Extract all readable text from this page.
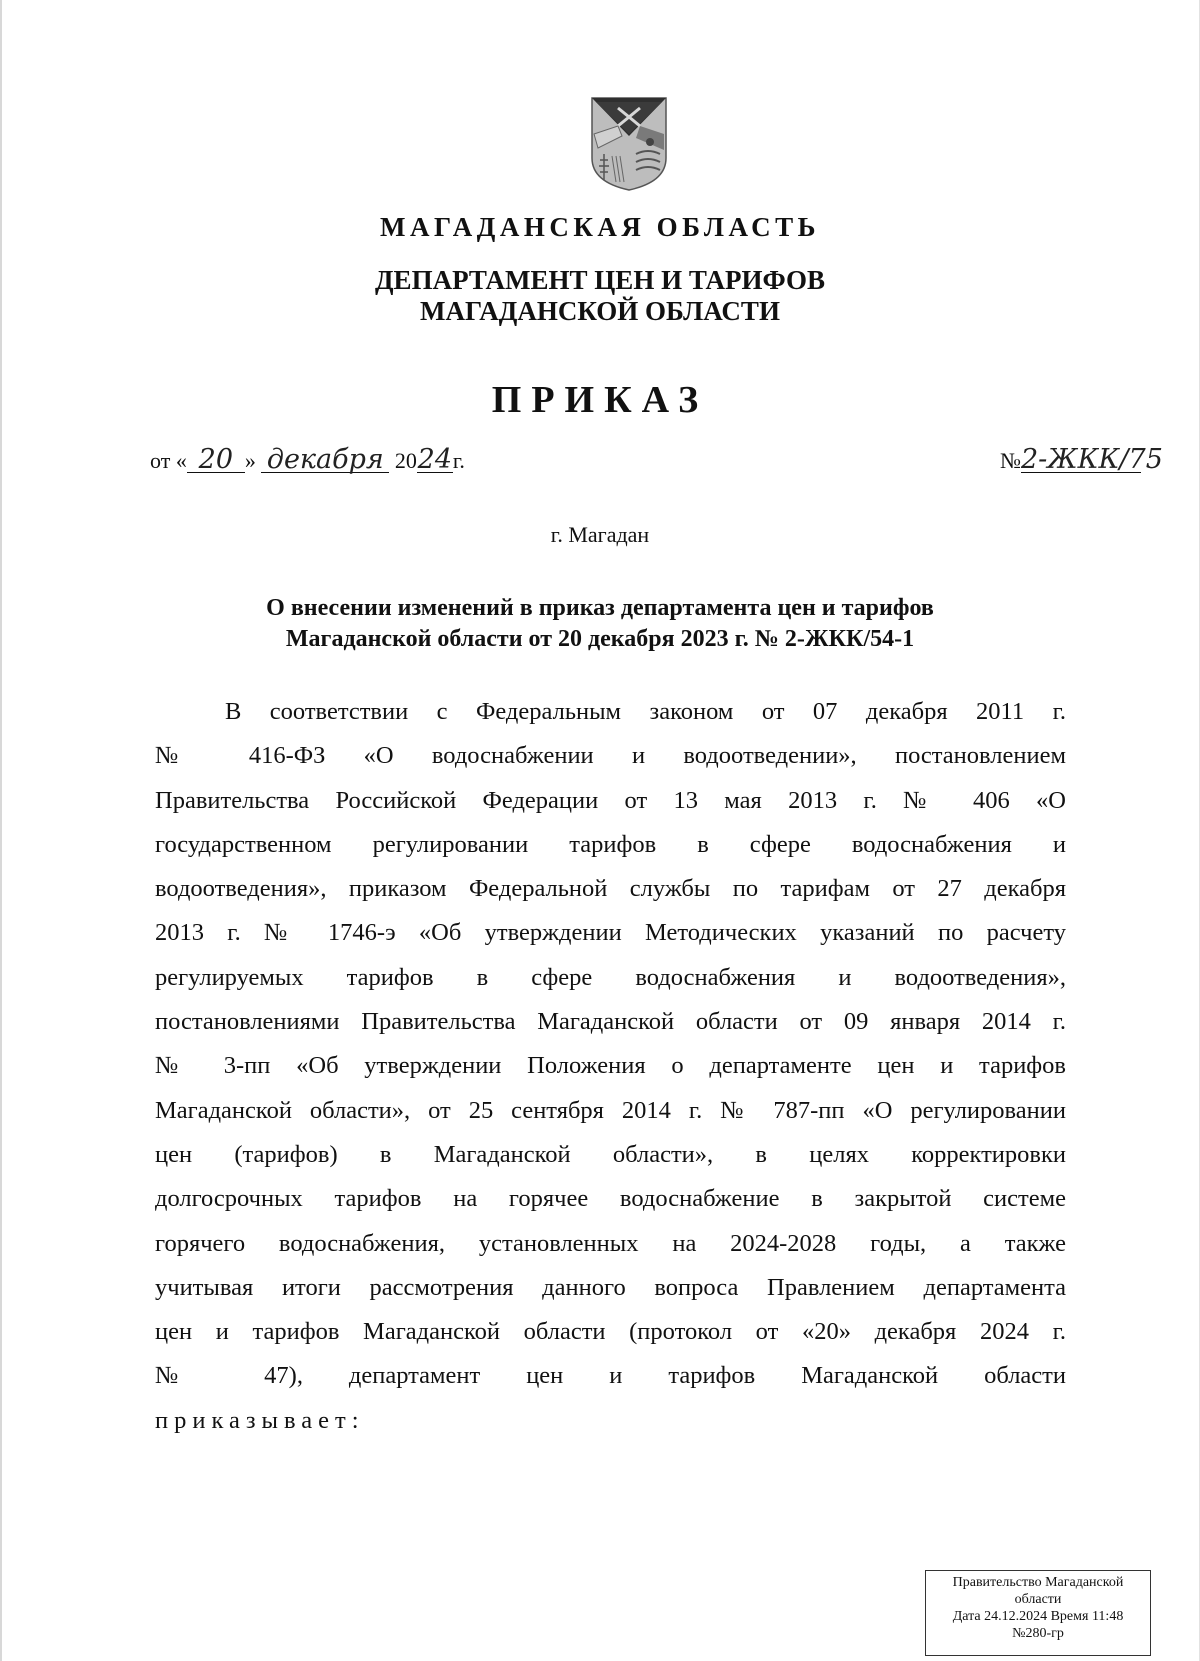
МАГАДАНСКАЯ ОБЛАСТЬ
ДЕПАРТАМЕНТ ЦЕН И ТАРИФОВ
МАГАДАНСКОЙ ОБЛАСТИ
ПРИКАЗ
от « 20 » декабря 2024г.	№2-ЖКК/75
г. Магадан
О внесении изменений в приказ департамента цен и тарифов
Магаданской области от 20 декабря 2023 г. № 2-ЖКК/54-1
В соответствии с Федеральным законом от 07 декабря 2011 г.
№ 416-ФЗ «О водоснабжении и водоотведении», постановлением
Правительства Российской Федерации от 13 мая 2013 г. № 406 «О
государственном регулировании тарифов в сфере водоснабжения и
водоотведения», приказом Федеральной службы по тарифам от 27 декабря
2013 г. № 1746-э «Об утверждении Методических указаний по расчету
регулируемых тарифов в сфере водоснабжения и водоотведения»,
постановлениями Правительства Магаданской области от 09 января 2014 г.
№ 3-пп «Об утверждении Положения о департаменте цен и тарифов
Магаданской области», от 25 сентября 2014 г. № 787-пп «О регулировании
цен (тарифов) в Магаданской области», в целях корректировки
долгосрочных тарифов на горячее водоснабжение в закрытой системе
горячего водоснабжения, установленных на 2024-2028 годы, а также
учитывая итоги рассмотрения данного вопроса Правлением департамента
цен и тарифов Магаданской области (протокол от «20» декабря 2024 г.
№ 47), департамент цен и тарифов Магаданской области
приказывает:
Правительство Магаданской
области
Дата 24.12.2024 Время 11:48
№280-гр
